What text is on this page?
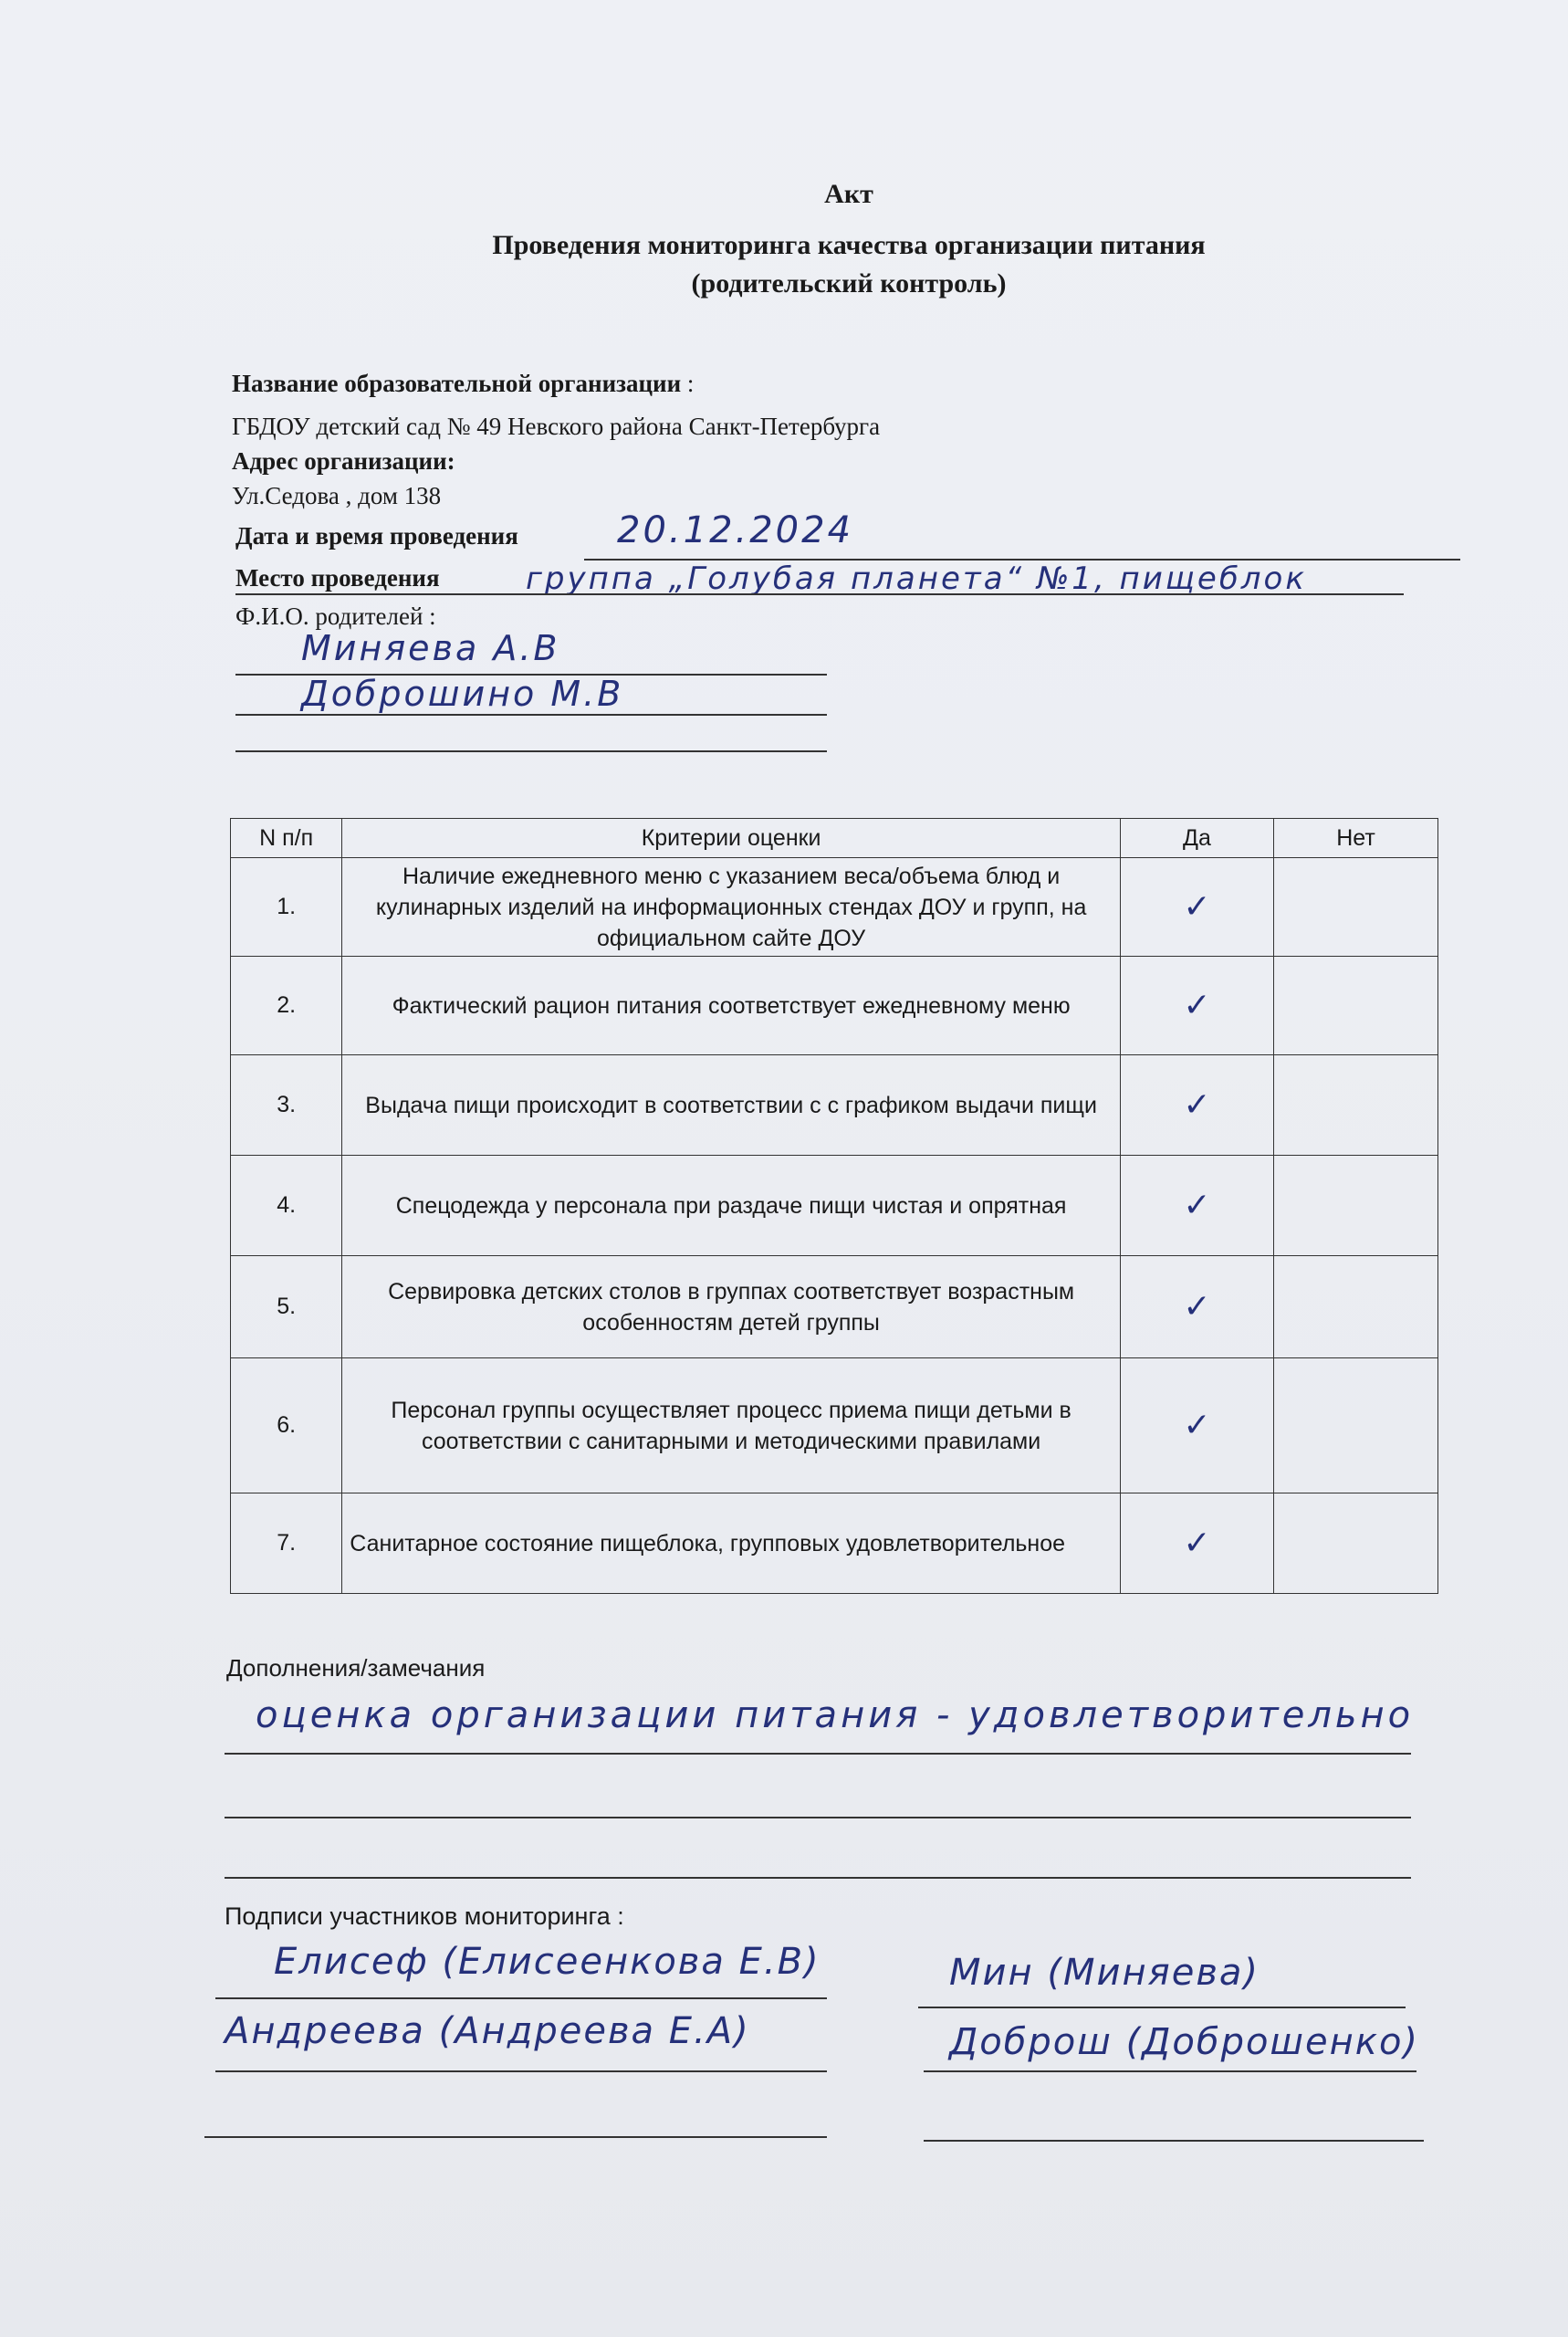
Акт
Проведения мониторинга качества организации питания
(родительский контроль)
Название образовательной организации :
ГБДОУ детский сад № 49 Невского района Санкт-Петербурга
Адрес организации:
Ул.Седова , дом 138
Дата и время проведения	20.12.2024
Место проведения	группа „Голубая планета“ №1, пищеблок
Ф.И.О. родителей :
Миняева А.В
Доброшино М.В
N п/п	Критерии оценки	Да	Нет
1.	Наличие ежедневного меню с указанием веса/объема блюд и кулинарных изделий на информационных стендах ДОУ и групп, на официальном сайте ДОУ	✓	
2.	Фактический рацион питания соответствует ежедневному меню	✓	
3.	Выдача пищи происходит в соответствии с с графиком выдачи пищи	✓	
4.	Спецодежда у персонала при раздаче пищи чистая и опрятная	✓	
5.	Сервировка детских столов в группах соответствует возрастным особенностям детей группы	✓	
6.	Персонал группы осуществляет процесс приема пищи детьми в соответствии с санитарными и методическими правилами	✓	
7.	Санитарное состояние пищеблока, групповых удовлетворительное	✓	
Дополнения/замечания
оценка организации питания - удовлетворительно
Подписи участников мониторинга :
Елисеф (Елисеенкова Е.В)
Андреева (Андреева Е.А)
Мин (Миняева)
Доброш (Доброшенко)
